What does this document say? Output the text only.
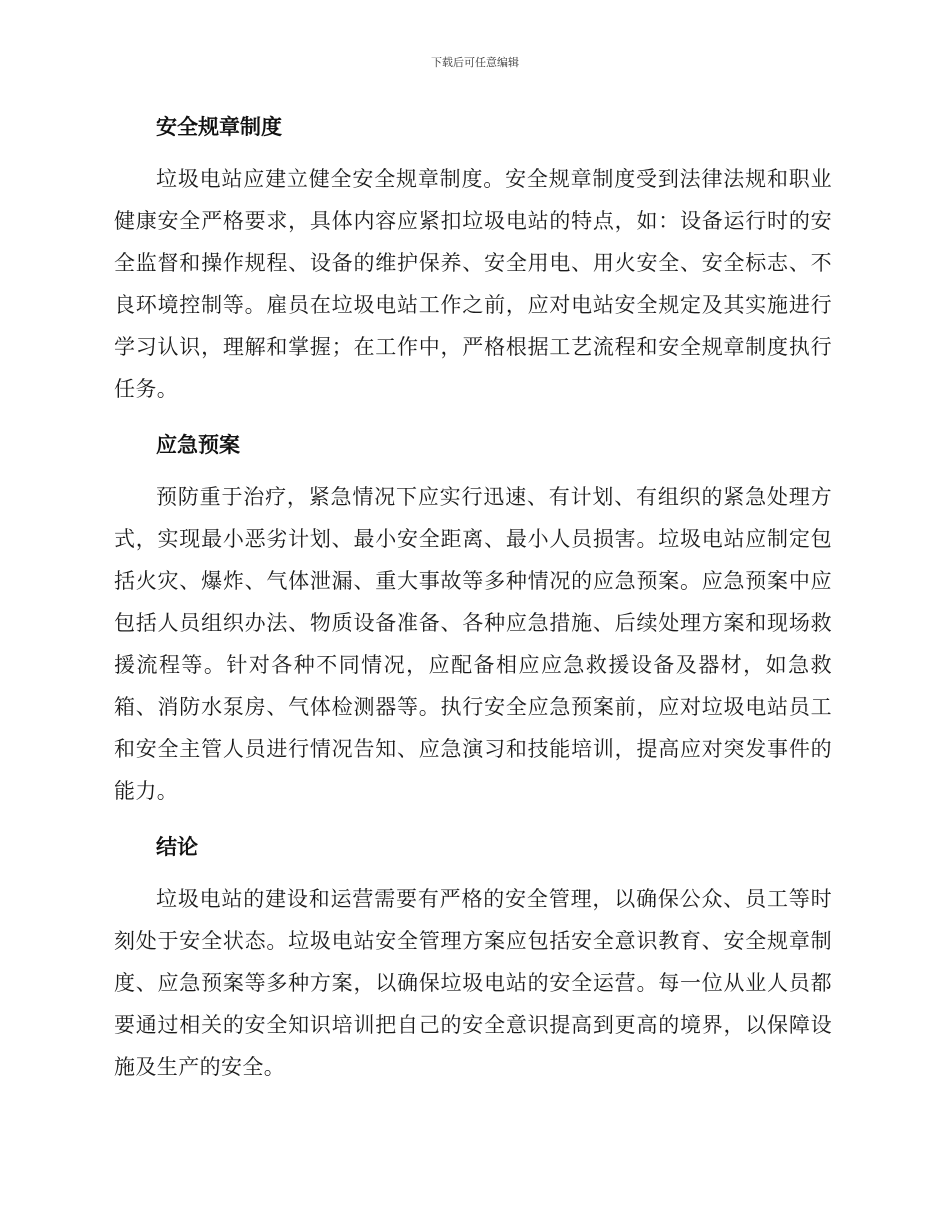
下载后可任意编辑
安全规章制度

垃圾电站应建立健全安全规章制度。安全规章制度受到法律法规和职业健康安全严格要求，具体内容应紧扣垃圾电站的特点，如：设备运行时的安全监督和操作规程、设备的维护保养、安全用电、用火安全、安全标志、不良环境控制等。雇员在垃圾电站工作之前，应对电站安全规定及其实施进行学习认识，理解和掌握；在工作中，严格根据工艺流程和安全规章制度执行任务。

应急预案

预防重于治疗，紧急情况下应实行迅速、有计划、有组织的紧急处理方式，实现最小恶劣计划、最小安全距离、最小人员损害。垃圾电站应制定包括火灾、爆炸、气体泄漏、重大事故等多种情况的应急预案。应急预案中应包括人员组织办法、物质设备准备、各种应急措施、后续处理方案和现场救援流程等。针对各种不同情况，应配备相应应急救援设备及器材，如急救箱、消防水泵房、气体检测器等。执行安全应急预案前，应对垃圾电站员工和安全主管人员进行情况告知、应急演习和技能培训，提高应对突发事件的能力。

结论

垃圾电站的建设和运营需要有严格的安全管理，以确保公众、员工等时刻处于安全状态。垃圾电站安全管理方案应包括安全意识教育、安全规章制度、应急预案等多种方案，以确保垃圾电站的安全运营。每一位从业人员都要通过相关的安全知识培训把自己的安全意识提高到更高的境界，以保障设施及生产的安全。
